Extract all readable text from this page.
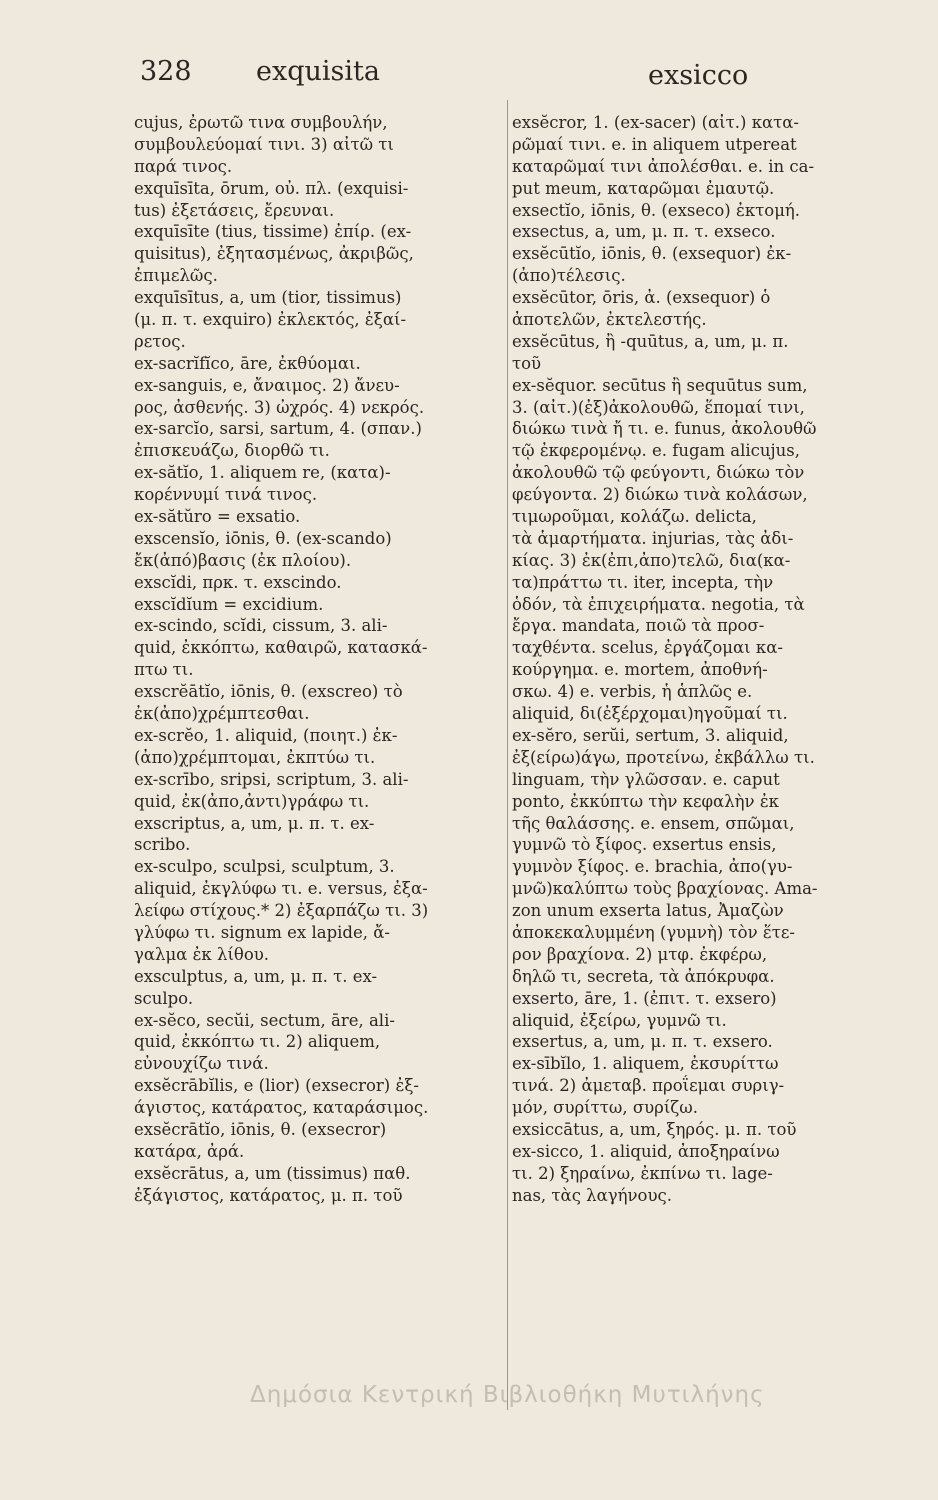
328 exquisita	exsicco
cujus, ἐρωτῶ τινα συμβουλήν,
συμβουλεύομαί τινι. 3) αἰτῶ τι
παρά τινος.
exquīsīta, ōrum, οὐ. πλ. (exquisi-
tus) ἐξετάσεις, ἔρευναι.
exquīsīte (tius, tissime) ἐπίρ. (ex-
quisitus), ἐξητασμένως, ἀκριβῶς,
ἐπιμελῶς.
exquīsītus, a, um (tior, tissimus)
(μ. π. τ. exquiro) ἐκλεκτός, ἐξαί-
ρετος.
ex-sacrĭfĭco, āre, ἐκθύομαι.
ex-sanguis, e, ἄναιμος. 2) ἄνευ-
ρος, ἀσθενής. 3) ὠχρός. 4) νεκρός.
ex-sarcĭo, sarsi, sartum, 4. (σπαν.)
ἐπισκευάζω, διορθῶ τι.
ex-sătĭo, 1. aliquem re, (κατα)-
κορέννυμί τινά τινος.
ex-sătŭro = exsatio.
exscensĭo, iōnis, θ. (ex-scando)
ἔκ(ἀπό)βασις (ἐκ πλοίου).
exscĭdi, πρκ. τ. exscindo.
exscĭdĭum = excidium.
ex-scindo, scĭdi, cissum, 3. ali-
quid, ἐκκόπτω, καθαιρῶ, κατασκά-
πτω τι.
exscrĕātĭo, iōnis, θ. (exscreo) τὸ
ἐκ(ἀπο)χρέμπτεσθαι.
ex-scrĕo, 1. aliquid, (ποιητ.) ἐκ-
(ἀπο)χρέμπτομαι, ἐκπτύω τι.
ex-scrībo, sripsi, scriptum, 3. ali-
quid, ἐκ(ἀπο,ἀντι)γράφω τι.
exscriptus, a, um, μ. π. τ. ex-
scribo.
ex-sculpo, sculpsi, sculptum, 3.
aliquid, ἐκγλύφω τι. e. versus, ἐξα-
λείφω στίχους.* 2) ἐξαρπάζω τι. 3)
γλύφω τι. signum ex lapide, ἄ-
γαλμα ἐκ λίθου.
exsculptus, a, um, μ. π. τ. ex-
sculpo.
ex-sĕco, secŭi, sectum, āre, ali-
quid, ἐκκόπτω τι. 2) aliquem,
εὐνουχίζω τινά.
exsĕcrābĭlis, e (lior) (exsecror) ἐξ-
άγιστος, κατάρατος, καταράσιμος.
exsĕcrātĭo, iōnis, θ. (exsecror)
κατάρα, ἀρά.
exsĕcrātus, a, um (tissimus) παθ.
ἐξάγιστος, κατάρατος, μ. π. τοῦ
exsĕcror, 1. (ex-sacer) (αἰτ.) κατα-
ρῶμαί τινι. e. in aliquem utpereat
καταρῶμαί τινι ἀπολέσθαι. e. in ca-
put meum, καταρῶμαι ἐμαυτῷ.
exsectĭo, iōnis, θ. (exseco) ἐκτομή.
exsectus, a, um, μ. π. τ. exseco.
exsĕcūtĭo, iōnis, θ. (exsequor) ἐκ-
(ἀπο)τέλεσις.
exsĕcūtor, ōris, ἀ. (exsequor) ὁ
ἀποτελῶν, ἐκτελεστής.
exsĕcūtus, ἢ -quūtus, a, um, μ. π.
τοῦ
ex-sĕquor. secūtus ἢ sequūtus sum,
3. (αἰτ.)(ἐξ)ἀκολουθῶ, ἕπομαί τινι,
διώκω τινὰ ἤ τι. e. funus, ἀκολουθῶ
τῷ ἐκφερομένῳ. e. fugam alicujus,
ἀκολουθῶ τῷ φεύγοντι, διώκω τὸν
φεύγοντα. 2) διώκω τινὰ κολάσων,
τιμωροῦμαι, κολάζω. delicta,
τὰ ἁμαρτήματα. injurias, τὰς ἀδι-
κίας. 3) ἐκ(ἐπι,ἀπο)τελῶ, δια(κα-
τα)πράττω τι. iter, incepta, τὴν
ὁδόν, τὰ ἐπιχειρήματα. negotia, τὰ
ἔργα. mandata, ποιῶ τὰ προσ-
ταχθέντα. scelus, ἐργάζομαι κα-
κούργημα. e. mortem, ἀποθνή-
σκω. 4) e. verbis, ἡ ἁπλῶς e.
aliquid, δι(ἐξέρχομαι)ηγοῦμαί τι.
ex-sĕro, serŭi, sertum, 3. aliquid,
ἐξ(είρω)άγω, προτείνω, ἐκβάλλω τι.
linguam, τὴν γλῶσσαν. e. caput
ponto, ἐκκύπτω τὴν κεφαλὴν ἐκ
τῆς θαλάσσης. e. ensem, σπῶμαι,
γυμνῶ τὸ ξίφος. exsertus ensis,
γυμνὸν ξίφος. e. brachia, ἀπο(γυ-
μνῶ)καλύπτω τοὺς βραχίονας. Ama-
zon unum exserta latus, Ἀμαζὼν
ἀποκεκαλυμμένη (γυμνὴ) τὸν ἕτε-
ρον βραχίονα. 2) μτφ. ἐκφέρω,
δηλῶ τι, secreta, τὰ ἀπόκρυφα.
exserto, āre, 1. (ἐπιτ. τ. exsero)
aliquid, ἐξείρω, γυμνῶ τι.
exsertus, a, um, μ. π. τ. exsero.
ex-sībĭlo, 1. aliquem, ἐκσυρίττω
τινά. 2) ἀμεταβ. προΐεμαι συριγ-
μόν, συρίττω, συρίζω.
exsiccātus, a, um, ξηρός. μ. π. τοῦ
ex-sicco, 1. aliquid, ἀποξηραίνω
τι. 2) ξηραίνω, ἐκπίνω τι. lage-
nas, τὰς λαγήνους.
Δημόσια Κεντρική Βιβλιοθήκη Μυτιλήνης
